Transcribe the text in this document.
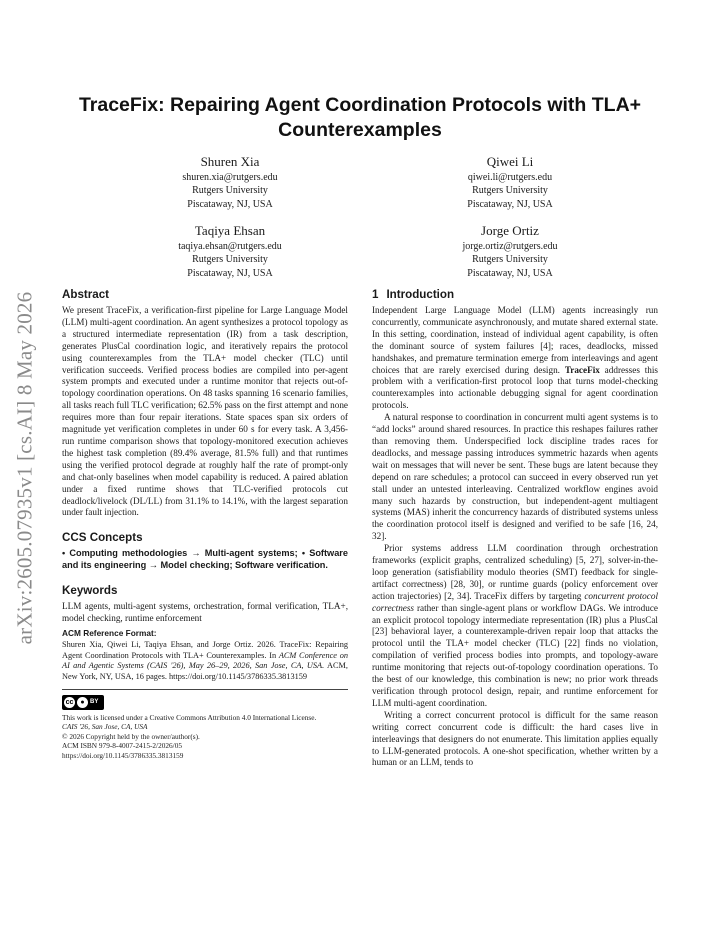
arXiv:2605.07935v1 [cs.AI] 8 May 2026
TraceFix: Repairing Agent Coordination Protocols with TLA+ Counterexamples
Shuren Xia
shuren.xia@rutgers.edu
Rutgers University
Piscataway, NJ, USA
Qiwei Li
qiwei.li@rutgers.edu
Rutgers University
Piscataway, NJ, USA
Taqiya Ehsan
taqiya.ehsan@rutgers.edu
Rutgers University
Piscataway, NJ, USA
Jorge Ortiz
jorge.ortiz@rutgers.edu
Rutgers University
Piscataway, NJ, USA
Abstract

We present TraceFix, a verification-first pipeline for Large Language Model (LLM) multi-agent coordination. An agent synthesizes a protocol topology as a structured intermediate representation (IR) from a task description, generates PlusCal coordination logic, and iteratively repairs the protocol using counterexamples from the TLA+ model checker (TLC) until verification succeeds. Verified process bodies are compiled into per-agent system prompts and executed under a runtime monitor that rejects out-of-topology coordination operations. On 48 tasks spanning 16 scenario families, all tasks reach full TLC verification; 62.5% pass on the first attempt and none requires more than four repair iterations. State spaces span six orders of magnitude yet verification completes in under 60 s for every task. A 3,456-run runtime comparison shows that topology-monitored execution achieves the highest task completion (89.4% average, 81.5% full) and that runtimes using the verified protocol degrade at roughly half the rate of prompt-only and chat-only baselines when model capability is reduced. A paired ablation under a fixed runtime shows that TLC-verified protocols cut deadlock/livelock (DL/LL) from 31.1% to 14.1%, with the largest separation under fault injection.

CCS Concepts

• Computing methodologies → Multi-agent systems; • Software and its engineering → Model checking; Software verification.

Keywords

LLM agents, multi-agent systems, orchestration, formal verification, TLA+, model checking, runtime enforcement

ACM Reference Format:

Shuren Xia, Qiwei Li, Taqiya Ehsan, and Jorge Ortiz. 2026. TraceFix: Repairing Agent Coordination Protocols with TLA+ Counterexamples. In ACM Conference on AI and Agentic Systems (CAIS '26), May 26–29, 2026, San Jose, CA, USA. ACM, New York, NY, USA, 16 pages. https://doi.org/10.1145/3786335.3813159

cc ● BY
This work is licensed under a Creative Commons Attribution 4.0 International License.
CAIS '26, San Jose, CA, USA
© 2026 Copyright held by the owner/author(s).
ACM ISBN 979-8-4007-2415-2/2026/05
https://doi.org/10.1145/3786335.3813159
1 Introduction

Independent Large Language Model (LLM) agents increasingly run concurrently, communicate asynchronously, and mutate shared external state. In this setting, coordination, instead of individual agent capability, is often the dominant source of system failures [4]; races, deadlocks, missed handshakes, and premature termination emerge from interleavings and agent choices that are rarely exercised during design. TraceFix addresses this problem with a verification-first protocol loop that turns model-checking counterexamples into actionable debugging signal for agent coordination protocols.

A natural response to coordination in concurrent multi agent systems is to “add locks” around shared resources. In practice this reshapes failures rather than removing them. Underspecified lock discipline trades races for deadlocks, and message passing introduces symmetric hazards when agents wait on messages that will never be sent. These bugs are latent because they depend on rare schedules; a protocol can succeed in every observed run yet stall under an untested interleaving. Centralized workflow engines avoid many such hazards by construction, but independent-agent multiagent systems (MAS) inherit the concurrency hazards of distributed systems unless the coordination protocol itself is designed and verified to be safe [16, 24, 32].

Prior systems address LLM coordination through orchestration frameworks (explicit graphs, centralized scheduling) [5, 27], solver-in-the-loop generation (satisfiability modulo theories (SMT) feedback for single-artifact correctness) [28, 30], or runtime guards (policy enforcement over action trajectories) [2, 34]. TraceFix differs by targeting concurrent protocol correctness rather than single-agent plans or workflow DAGs. We introduce an explicit protocol topology intermediate representation (IR) plus a PlusCal [23] behavioral layer, a counterexample-driven repair loop that attacks the protocol until the TLA+ model checker (TLC) [22] finds no violation, compilation of verified process bodies into prompts, and topology-aware runtime monitoring that rejects out-of-topology coordination operations. To the best of our knowledge, this combination is new; no prior work threads verification through protocol design, repair, and runtime enforcement for LLM multi-agent coordination.

Writing a correct concurrent protocol is difficult for the same reason writing correct concurrent code is difficult: the hard cases live in interleavings that designers do not enumerate. This limitation applies equally to LLM-generated protocols. A one-shot specification, whether written by a human or an LLM, tends to
